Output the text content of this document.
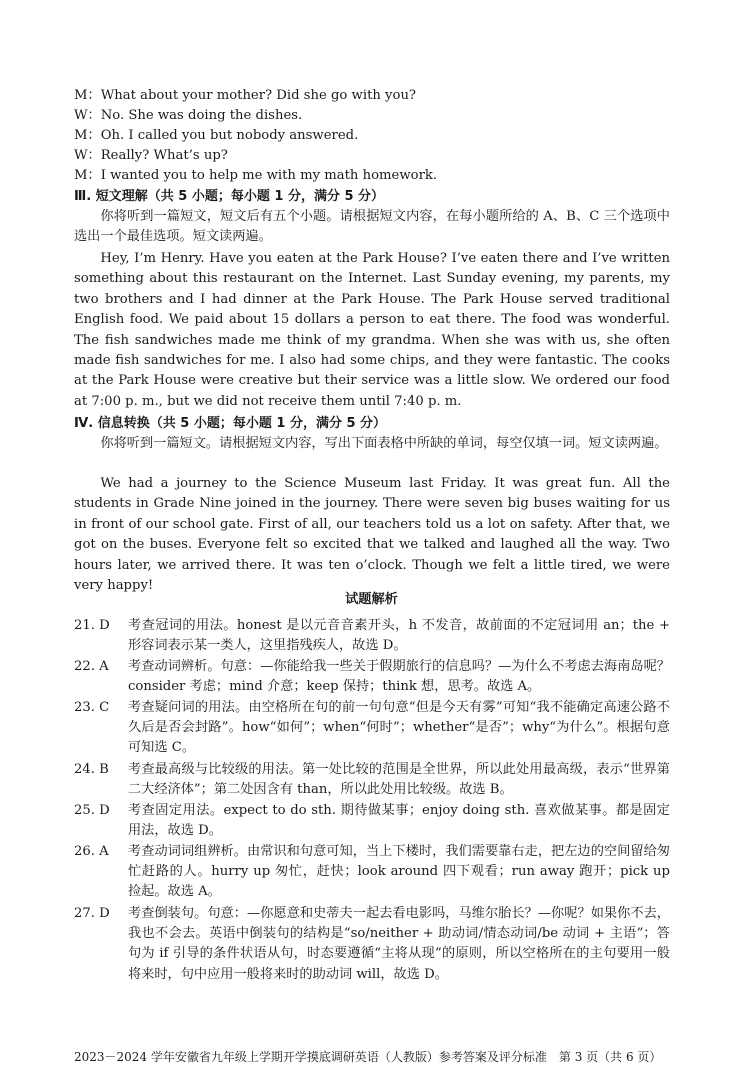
M：What about your mother? Did she go with you?
W：No. She was doing the dishes.
M：Oh. I called you but nobody answered.
W：Really? What’s up?
M：I wanted you to help me with my math homework.
Ⅲ. 短文理解（共 5 小题；每小题 1 分，满分 5 分）
你将听到一篇短文，短文后有五个小题。请根据短文内容，在每小题所给的 A、B、C 三个选项中选出一个最佳选项。短文读两遍。
Hey, I’m Henry. Have you eaten at the Park House? I’ve eaten there and I’ve written something about this restaurant on the Internet. Last Sunday evening, my parents, my two brothers and I had dinner at the Park House. The Park House served traditional English food. We paid about 15 dollars a person to eat there. The food was wonderful. The fish sandwiches made me think of my grandma. When she was with us, she often made fish sandwiches for me. I also had some chips, and they were fantastic. The cooks at the Park House were creative but their service was a little slow. We ordered our food at 7:00 p. m., but we did not receive them until 7:40 p. m.
Ⅳ. 信息转换（共 5 小题；每小题 1 分，满分 5 分）
你将听到一篇短文。请根据短文内容，写出下面表格中所缺的单词，每空仅填一词。短文读两遍。
We had a journey to the Science Museum last Friday. It was great fun. All the students in Grade Nine joined in the journey. There were seven big buses waiting for us in front of our school gate. First of all, our teachers told us a lot on safety. After that, we got on the buses. Everyone felt so excited that we talked and laughed all the way. Two hours later, we arrived there. It was ten o’clock. Though we felt a little tired, we were very happy!
试题解析
21. D 考查冠词的用法。honest 是以元音音素开头，h 不发音，故前面的不定冠词用 an；the + 形容词表示某一类人，这里指残疾人，故选 D。
22. A 考查动词辨析。句意：—你能给我一些关于假期旅行的信息吗？—为什么不考虑去海南岛呢？consider 考虑；mind 介意；keep 保持；think 想，思考。故选 A。
23. C 考查疑问词的用法。由空格所在句的前一句句意“但是今天有雾”可知“我不能确定高速公路不久后是否会封路”。how“如何”；when“何时”；whether“是否”；why“为什么”。根据句意可知选 C。
24. B 考查最高级与比较级的用法。第一处比较的范围是全世界，所以此处用最高级，表示“世界第二大经济体”；第二处因含有 than，所以此处用比较级。故选 B。
25. D 考查固定用法。expect to do sth. 期待做某事；enjoy doing sth. 喜欢做某事。都是固定用法，故选 D。
26. A 考查动词词组辨析。由常识和句意可知，当上下楼时，我们需要靠右走，把左边的空间留给匆忙赶路的人。hurry up 匆忙，赶快；look around 四下观看；run away 跑开；pick up 捡起。故选 A。
27. D 考查倒装句。句意：—你愿意和史蒂夫一起去看电影吗，马维尔胎长？—你呢？如果你不去，我也不会去。英语中倒装句的结构是“so/neither + 助动词/情态动词/be 动词 + 主语”；答句为 if 引导的条件状语从句，时态要遵循“主将从现”的原则，所以空格所在的主句要用一般将来时，句中应用一般将来时的助动词 will，故选 D。
2023－2024 学年安徽省九年级上学期开学摸底调研英语（人教版）参考答案及评分标准　第 3 页（共 6 页）
